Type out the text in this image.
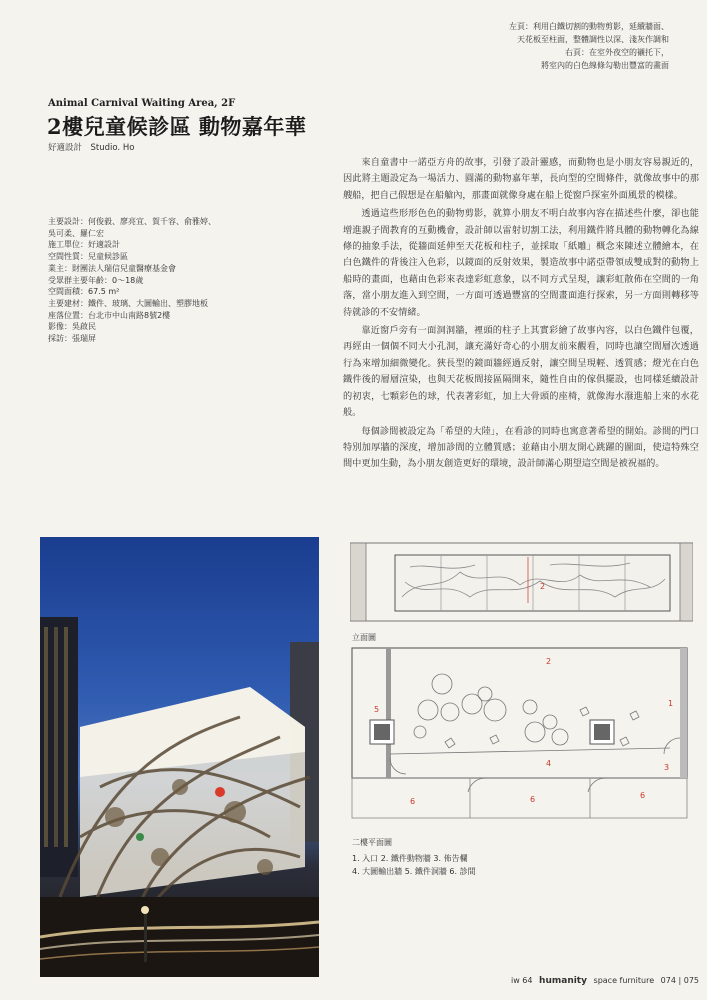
左頁：利用白鐵切割的動物剪影，延續牆面、
天花板至柱面，整體調性以深、淺灰作調和
右頁：在室外夜空的襯托下，
將室內的白色線條勾勒出豐富的畫面
Animal Carnival Waiting Area, 2F
2樓兒童候診區 動物嘉年華
好適設計　Studio. Ho
主要設計：何俊毅、廖亮宜、賀千容、俞雅婷、
吳可柔、羅仁宏
施工單位：好適設計
空間性質：兒童候診區
業主：財團法人瑞信兒童醫療基金會
受眾群主要年齡：0～18歲
空間面積：67.5 m²
主要建材：鐵件、玻璃、大圖輸出、塑膠地板
座落位置：台北市中山南路8號2樓
影像：吳啟民
採訪：張瑞屏

來自童書中一諾亞方舟的故事，引發了設計靈感，而動物也是小朋友容易親近的，因此將主題設定為一場活力、圓滿的動物嘉年華，長向型的空間條件，就像故事中的那艘船，把自己假想是在船艙內，那畫面就像身處在船上從窗戶探室外面風景的模樣。

透過這些形形色色的動物剪影，就算小朋友不明白故事內容在描述些什麼，卻也能增進親子間教育的互動機會，設計師以雷射切割工法，利用鐵件將具體的動物轉化為線條的抽象手法，從牆面延伸至天花板和柱子，並採取「紙雕」概念來陳述立體繪本，在白色鐵件的背後注入色彩，以鏡面的反射效果，製造故事中諾亞帶領成雙成對的動物上船時的畫面，也藉由色彩來表達彩虹意象，以不同方式呈現，讓彩虹散佈在空間的一角落，當小朋友進入到空間，一方面可透過豐富的空間畫面進行探索，另一方面則轉移等待就診的不安情緒。

靠近窗戶旁有一面洞洞牆，裡頭的柱子上其實彩繪了故事內容，以白色鐵件包覆，再經由一個個不同大小孔洞，讓充滿好奇心的小朋友前來觀看，同時也讓空間層次透過行為來增加細微變化。狹長型的鏡面牆經過反射，讓空間呈現輕、透質感；燈光在白色鐵件後的層層渲染，也與天花板間接區隔開來，隨性自由的傢俱擺設，也同樣延續設計的初衷，七顆彩色的球，代表著彩虹，加上大骨頭的座椅，就像海水潑進船上來的水花般。

每個診間被設定為「希望的大陸」，在看診的同時也寓意著希望的開始。診間的門口特別加厚牆的深度，增加診間的立體質感；並藉由小朋友開心跳躍的圖面，使這特殊空間中更加生動，為小朋友創造更好的環境，設計師滿心期望這空間是被祝福的。

2
立面圖
1
2
3
4
5
6	6	6
二樓平面圖
1. 入口 2. 鐵件動物牆 3. 佈告欄
4. 大圖輸出牆 5. 鐵件洞牆 6. 診間
iw 64 humanity space furniture 074 | 075
